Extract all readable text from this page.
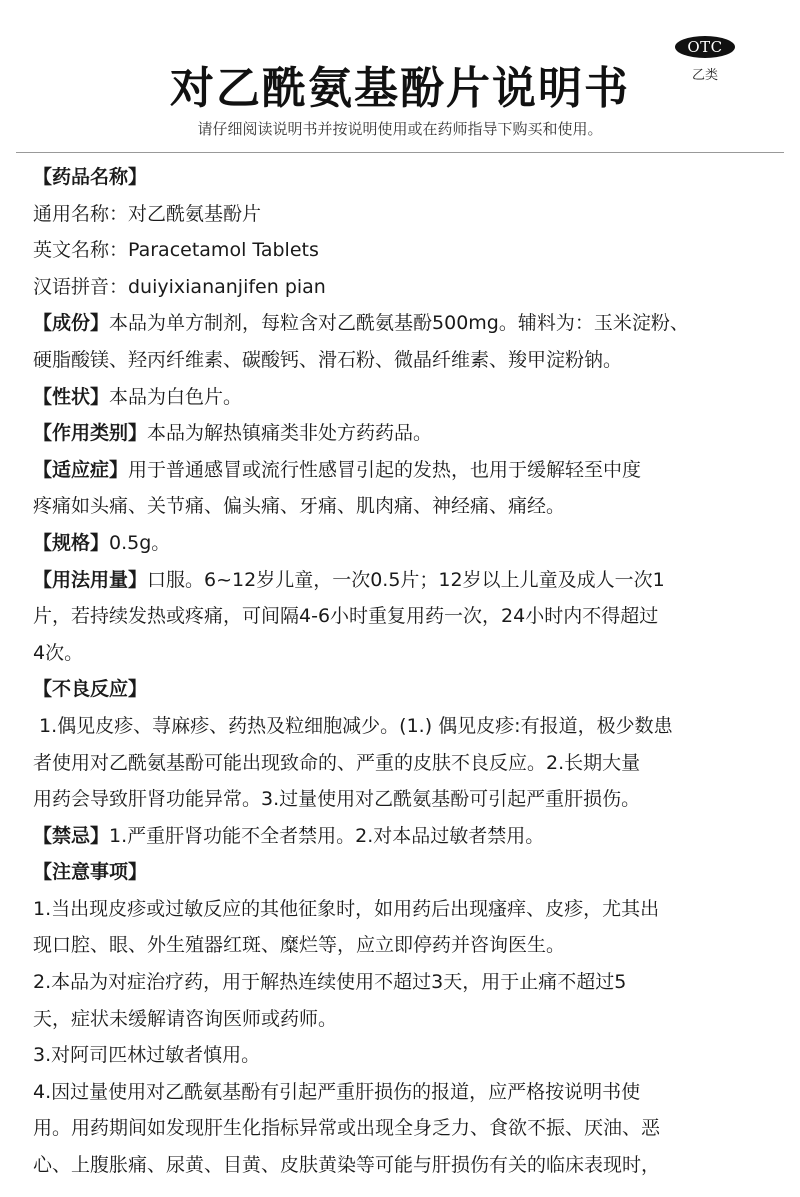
OTC
乙类
对乙酰氨基酚片说明书
请仔细阅读说明书并按说明使用或在药师指导下购买和使用。
【药品名称】
通用名称：对乙酰氨基酚片
英文名称：Paracetamol Tablets
汉语拼音：duiyixiananjifen pian
【成份】本品为单方制剂，每粒含对乙酰氨基酚500mg。辅料为：玉米淀粉、
硬脂酸镁、羟丙纤维素、碳酸钙、滑石粉、微晶纤维素、羧甲淀粉钠。
【性状】本品为白色片。
【作用类别】本品为解热镇痛类非处方药药品。
【适应症】用于普通感冒或流行性感冒引起的发热，也用于缓解轻至中度
疼痛如头痛、关节痛、偏头痛、牙痛、肌肉痛、神经痛、痛经。
【规格】0.5g。
【用法用量】口服。6~12岁儿童，一次0.5片；12岁以上儿童及成人一次1
片，若持续发热或疼痛，可间隔4-6小时重复用药一次，24小时内不得超过
4次。
【不良反应】
1.偶见皮疹、荨麻疹、药热及粒细胞减少。(1.) 偶见皮疹:有报道，极少数患
者使用对乙酰氨基酚可能出现致命的、严重的皮肤不良反应。2.长期大量
用药会导致肝肾功能异常。3.过量使用对乙酰氨基酚可引起严重肝损伤。
【禁忌】1.严重肝肾功能不全者禁用。2.对本品过敏者禁用。
【注意事项】
1.当出现皮疹或过敏反应的其他征象时，如用药后出现瘙痒、皮疹，尤其出
现口腔、眼、外生殖器红斑、糜烂等，应立即停药并咨询医生。
2.本品为对症治疗药，用于解热连续使用不超过3天，用于止痛不超过5
天，症状未缓解请咨询医师或药师。
3.对阿司匹林过敏者慎用。
4.因过量使用对乙酰氨基酚有引起严重肝损伤的报道，应严格按说明书使
用。用药期间如发现肝生化指标异常或出现全身乏力、食欲不振、厌油、恶
心、上腹胀痛、尿黄、目黄、皮肤黄染等可能与肝损伤有关的临床表现时，
